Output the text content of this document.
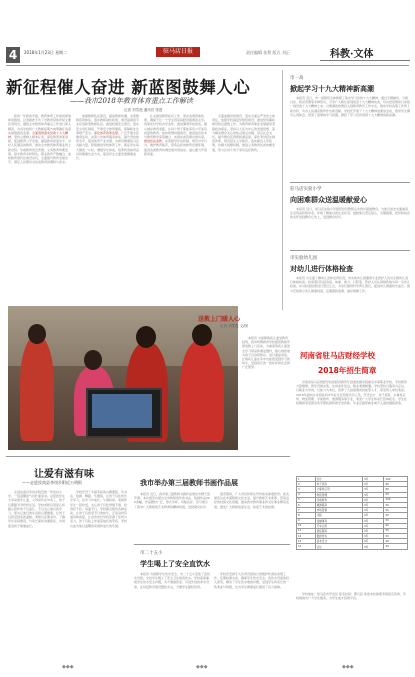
4	2018年1月23日 星期二	驻马店日报	责任编辑 张利 版式 刘正	科教·文体
新征程催人奋进 新蓝图鼓舞人心
——我市2018年教育体育重点工作解读
记者 刘雪莲 通讯员 张建
　　新的一年新的开始，教育体育工作如何谋划如何推进，记者就此专访了市教育局体育局主要负责同志，围绕全市教育体育重点工作进行深入解读，为各学校和广大教师指明方向明确任务落实措施推进发展。全面贯彻落实党的十九大精神，坚持立德树人根本任务，深化教育改革创新，促进教育公平发展，提高教育质量水平，办好人民满意的教育，推动全市教育体育事业再上新台阶。学前教育普及普惠，义务教育均衡发展，高中教育多样特色，职业教育产教融合，加快教育现代化建设步伐，全面提升教育发展水平，满足人民群众对优质教育的期盼与需求。
　　加强教师队伍建设，提高教师待遇，完善教师培训体系，落实教师减负政策，建设高素质专业化创新型教师队伍。推进校园安全建设，落实安全责任制度，开展安全教育演练，保障师生生命财产安全。深化体育改革发展，广泛开展全民健身活动，完善公共体育服务体系，提升竞技体育水平，促进体育产业发展，为建设健康驻马店贡献力量。积极推进学校体育工作，保证学生每天锻炼一小时，增强学生体质，培养终身体育意识和健康生活方式，促进学生全面发展健康成长。
　　扎实推进教育扶贫工作，落实各项资助政策，确保不让一个学生因家庭经济困难而失学。改善农村学校办学条件，推进薄弱学校改造，缩小城乡教育差距，让每个孩子都能享有公平而有质量的教育。加快智慧校园建设，推进信息技术与教育教学深度融合，实现优质资源共建共享。推进依法治教，完善督导评估机制，规范办学行为，维护教育秩序，营造良好的教育发展环境，促进各类教育协调发展共同进步，凝心聚力开创新局面。
　　全面加强党的建设，落实全面从严治党主体责任，加强学校基层党组织建设，推进党风廉政建设和反腐败工作，为教育体育事业发展提供坚强政治保证。坚持以人民为中心的发展思想，着力解决群众关心的热点难点问题，回应社会关切，提升群众获得感和满意度。深化考试招生制度改革，规范招生入学秩序，落实就近入学政策，化解大班额问题，推进义务教育优质均衡发展，努力让每个孩子享有良好教育。
市一高
掀起学习十九大精神新高潮
　　本报讯 近日，市一高组织全体教职工集中学习党的十九大精神，通过专题辅导、分组讨论、知识竞赛等多种形式，引导广大师生深刻领会十九大精神实质，切实把思想和行动统一到党的十九大精神上来，以饱满的热情投入到教育教学工作中去，推动学校各项工作再上新台阶，为办人民满意教育作出新贡献。学校还开展了十九大精神进课堂活动，组织学生撰写心得体会，营造了浓厚的学习氛围，掀起了学习宣传贯彻十九大精神的新高潮。
驻马店实验小学
向困难群众送温暖献爱心
　　本报讯 近日，驻马店实验小学组织党员教师走访慰问困难群众，为他们送去米面油等生活用品和慰问金，详细了解他们的生活状况，鼓励他们坚定信心，克服困难，把党和政府的关怀送到群众心坎上，受到群众好评。
市实验幼儿园
对幼儿进行体格检查
　　本报讯 为全面了解幼儿身体发育状况，市实验幼儿园邀请专业医护人员对全园幼儿进行体格检查。检查项目包括身高、体重、视力、口腔等，医护人员认真细致地为每一名幼儿检查，并对检查结果进行登记汇总，为家长提供科学育儿建议，促进幼儿健康快乐成长。园方还将建立幼儿健康档案，定期跟踪监测，做好保健工作。
送教上门暖人心
记者 刘雪莲 文/图
　　本报讯 为保障残疾儿童受教育权利，我市特殊教育学校组织教师开展送教上门活动，为重度残疾儿童送去学习用品和康复器材，耐心细致地为孩子们讲授知识，进行康复训练，让残疾儿童在家中也能感受到学习的快乐，受到家长的一致好评和社会的广泛赞誉。
河南省驻马店财经学校
2018年招生简章
　　河南省驻马店财经学校是经省教育厅批准的国家级重点中等职业学校，学校师资力量雄厚，教学设施完善，实训条件优良，就业渠道畅通。学校坚持以服务为宗旨，以就业为导向，以能力为本位，培养了大批高素质技能型人才，深受用人单位欢迎。2018年面向全市招收初中毕业生及同等学历人员，开设会计、电子商务、计算机应用、物流管理、学前教育、旅游服务等专业，欢迎广大学生和家长咨询报名。学生在校期间享受国家免学费政策和助学金资助，毕业后推荐就业或升入高校继续深造。
1	会计	3年	100
2	电子商务	3年	80
3	计算机应用	3年	80
4	物流管理	3年	60
5	学前教育	3年	100
6	旅游服务	3年	50
7	市场营销	3年	50
8	文秘	3年	50
9	金融事务	3年	50
10	汽车运用	3年	60
11	酒店服务	3年	50
12	数控技术	3年	50
13	美术设计	3年	40
14	音乐	3年	40
　　学校地址：驻马店市开发区 报名时间：即日起 欢迎来校参观考察报名咨询，学校竭诚为广大学生服务，为学生成才搭建平台。
让爱有滋有味
——走进汝南县李岗乡附近公明街
　　走进汝南县李岗乡附近的一所农村小学，一股温馨的气息扑面而来。这里的学生大多是留守儿童，父母常年在外务工，孩子们跟随爷爷奶奶生活。学校老师们用爱心和耐心陪伴孩子们成长，不仅关心他们的学习，更关心他们的生活和心理健康，让孩子们感受到家的温暖。老师们定期家访，了解学生家庭情况，与家长保持沟通联系，共同促进孩子健康成长。
　　学校开设了丰富多彩的兴趣课程，有书法、绘画、舞蹈、乐器等，让孩子们在快乐中学习，在学习中成长。午餐时间，老师和学生一起吃饭，关心孩子们吃得饱不饱、吃得好不好。每逢节日，学校都会组织各种活动，让孩子们感受节日的快乐。正是这份有滋有味的爱，让这所农村学校充满了生机与活力，孩子们脸上洋溢着灿烂的笑容，学校也成为他们温馨的家园和成长的乐园。
我市举办第三届教师书画作品展
　　本报讯 近日，我市第三届教师书画作品展在市群艺馆开幕。本次展览共展出全市教师创作的书法、绘画作品200余幅，作品题材广泛，形式多样，风格各异，充分展示了我市广大教师的艺术修养和精神风貌，受到观众好评。
　　展览期间，广大市民和师生纷纷前来参观欣赏。此次展览旨在丰富教师文化生活，提升教师艺术素养，营造良好的校园文化氛围，推动我市教育事业和文化事业繁荣发展，激发广大教师热爱生活、热爱艺术的热情。
市二十五小
学生喝上了安全直饮水
　　本报讯 为保障学生饮水安全，市二十五小安装了直饮水设备，全校学生喝上了安全卫生的直饮水。学校高度重视学生饮水安全问题，多方筹措资金，引进先进的净水设备，在每层教学楼设置饮水点，方便学生随时饮用。
　　学校还安排专人负责设备的日常维护和清洁消毒工作，定期检测水质，确保学生饮水安全。直饮水设备的投入使用，解决了学生饮水难的问题，受到学生和家长的一致欢迎与称赞，也为学生健康成长提供了有力保障。
◆◆◆	◆◆◆	◆◆◆
